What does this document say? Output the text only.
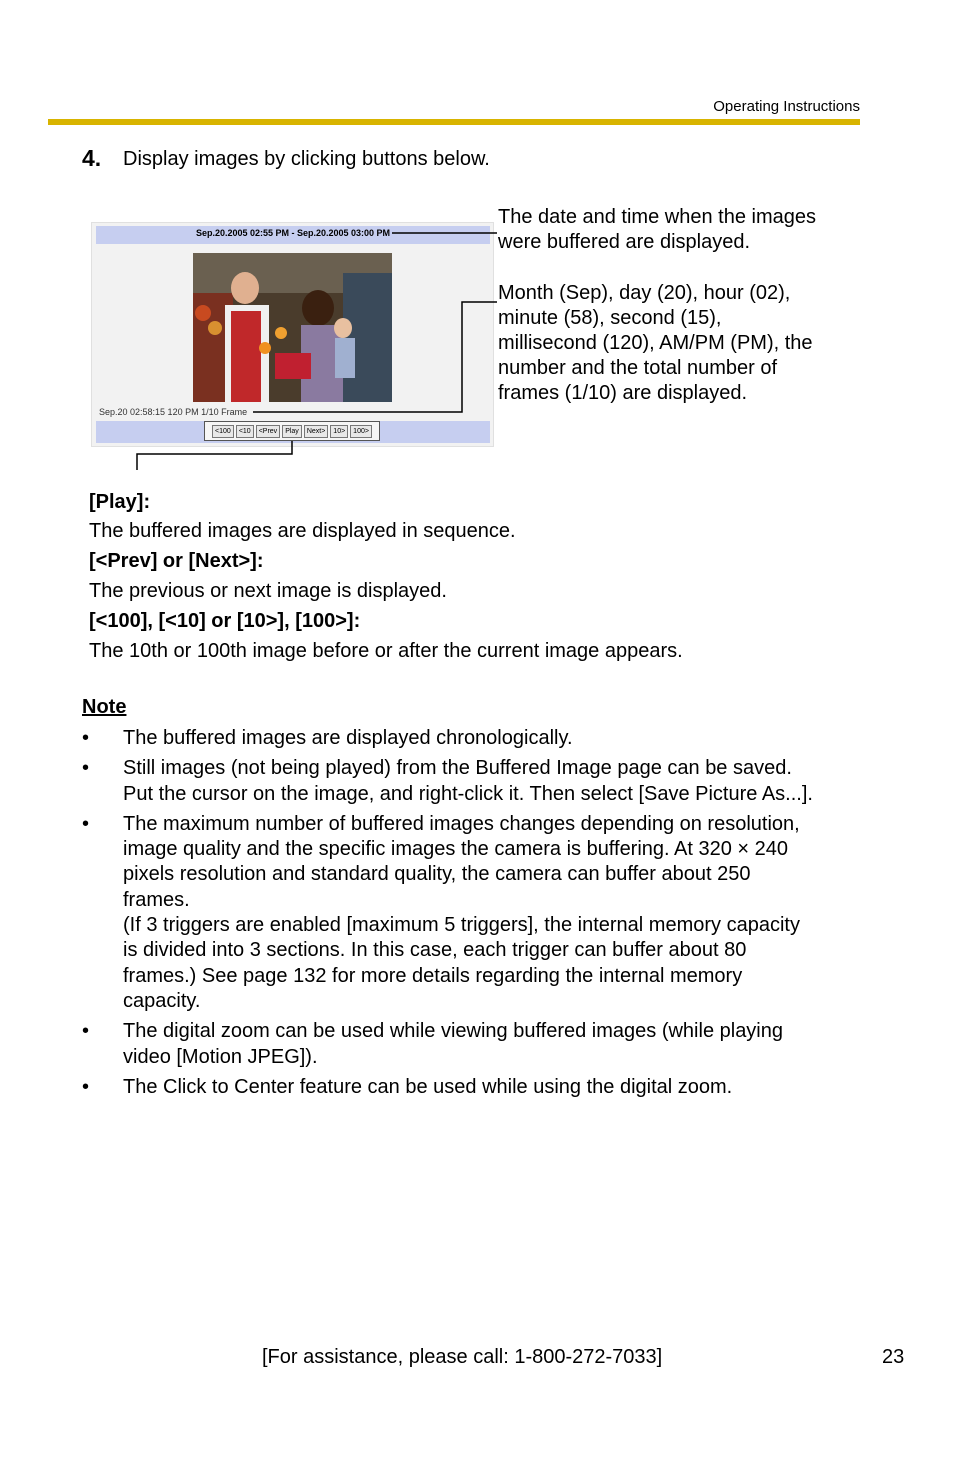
Operating Instructions
4. Display images by clicking buttons below.
Sep.20.2005 02:55 PM - Sep.20.2005 03:00 PM
Sep.20 02:58:15 120 PM 1/10 Frame
<100	<10	<Prev	Play	Next>	10>	100>
The date and time when the images
were buffered are displayed.
Month (Sep), day (20), hour (02),
minute (58), second (15),
millisecond (120), AM/PM (PM), the
number and the total number of
frames (1/10) are displayed.
[Play]:
The buffered images are displayed in sequence.
[<Prev] or [Next>]:
The previous or next image is displayed.
[<100], [<10] or [10>], [100>]:
The 10th or 100th image before or after the current image appears.
Note
• The buffered images are displayed chronologically.
• Still images (not being played) from the Buffered Image page can be saved.
Put the cursor on the image, and right-click it. Then select [Save Picture As...].
• The maximum number of buffered images changes depending on resolution,
image quality and the specific images the camera is buffering. At 320 × 240
pixels resolution and standard quality, the camera can buffer about 250
frames.
(If 3 triggers are enabled [maximum 5 triggers], the internal memory capacity
is divided into 3 sections. In this case, each trigger can buffer about 80
frames.) See page 132 for more details regarding the internal memory
capacity.
• The digital zoom can be used while viewing buffered images (while playing
video [Motion JPEG]).
• The Click to Center feature can be used while using the digital zoom.
[For assistance, please call: 1-800-272-7033]	23
